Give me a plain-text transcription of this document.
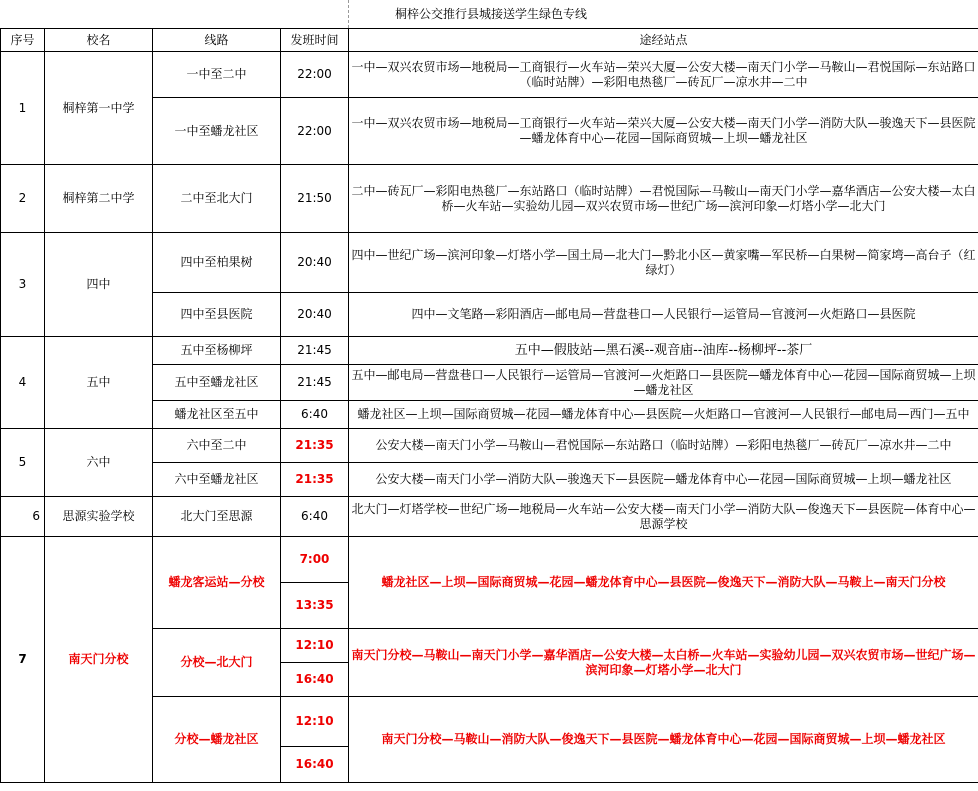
桐梓公交推行县城接送学生绿色专线
序号	校名	线路	发班时间	途经站点
1	桐梓第一中学	一中至二中	22:00	一中—双兴农贸市场—地税局—工商银行—火车站—荣兴大厦—公安大楼—南天门小学—马鞍山—君悦国际—东站路口（临时站牌）—彩阳电热毯厂—砖瓦厂—凉水井—二中
		一中至蟠龙社区	22:00	一中—双兴农贸市场—地税局—工商银行—火车站—荣兴大厦—公安大楼—南天门小学—消防大队—骏逸天下—县医院—蟠龙体育中心—花园—国际商贸城—上坝—蟠龙社区
2	桐梓第二中学	二中至北大门	21:50	二中—砖瓦厂—彩阳电热毯厂—东站路口（临时站牌）—君悦国际—马鞍山—南天门小学—嘉华酒店—公安大楼—太白桥—火车站—实验幼儿园—双兴农贸市场—世纪广场—滨河印象—灯塔小学—北大门
3	四中	四中至柏果树	20:40	四中—世纪广场—滨河印象—灯塔小学—国土局—北大门—黔北小区—黄家嘴—军民桥—白果树—简家塆—高台子（红绿灯）
		四中至县医院	20:40	四中—文笔路—彩阳酒店—邮电局—营盘巷口—人民银行—运管局—官渡河—火炬路口—县医院
4	五中	五中至杨柳坪	21:45	五中—假肢站—黑石溪--观音庙--油库--杨柳坪--茶厂
		五中至蟠龙社区	21:45	五中—邮电局—营盘巷口—人民银行—运管局—官渡河—火炬路口—县医院—蟠龙体育中心—花园—国际商贸城—上坝—蟠龙社区
		蟠龙社区至五中	6:40	蟠龙社区—上坝—国际商贸城—花园—蟠龙体育中心—县医院—火炬路口—官渡河—人民银行—邮电局—西门—五中
5	六中	六中至二中	21:35	公安大楼—南天门小学—马鞍山—君悦国际—东站路口（临时站牌）—彩阳电热毯厂—砖瓦厂—凉水井—二中
		六中至蟠龙社区	21:35	公安大楼—南天门小学—消防大队—骏逸天下—县医院—蟠龙体育中心—花园—国际商贸城—上坝—蟠龙社区
6	思源实验学校	北大门至思源	6:40	北大门—灯塔学校—世纪广场—地税局—火车站—公安大楼—南天门小学—消防大队—俊逸天下—县医院—体育中心—思源学校
7	南天门分校	蟠龙客运站—分校	7:00	蟠龙社区—上坝—国际商贸城—花园—蟠龙体育中心—县医院—俊逸天下—消防大队—马鞍上—南天门分校
			13:35	
		分校—北大门	12:10	南天门分校—马鞍山—南天门小学—嘉华酒店—公安大楼—太白桥—火车站—实验幼儿园—双兴农贸市场—世纪广场—滨河印象—灯塔小学—北大门
			16:40	
		分校—蟠龙社区	12:10	南天门分校—马鞍山—消防大队—俊逸天下—县医院—蟠龙体育中心—花园—国际商贸城—上坝—蟠龙社区
			16:40	
